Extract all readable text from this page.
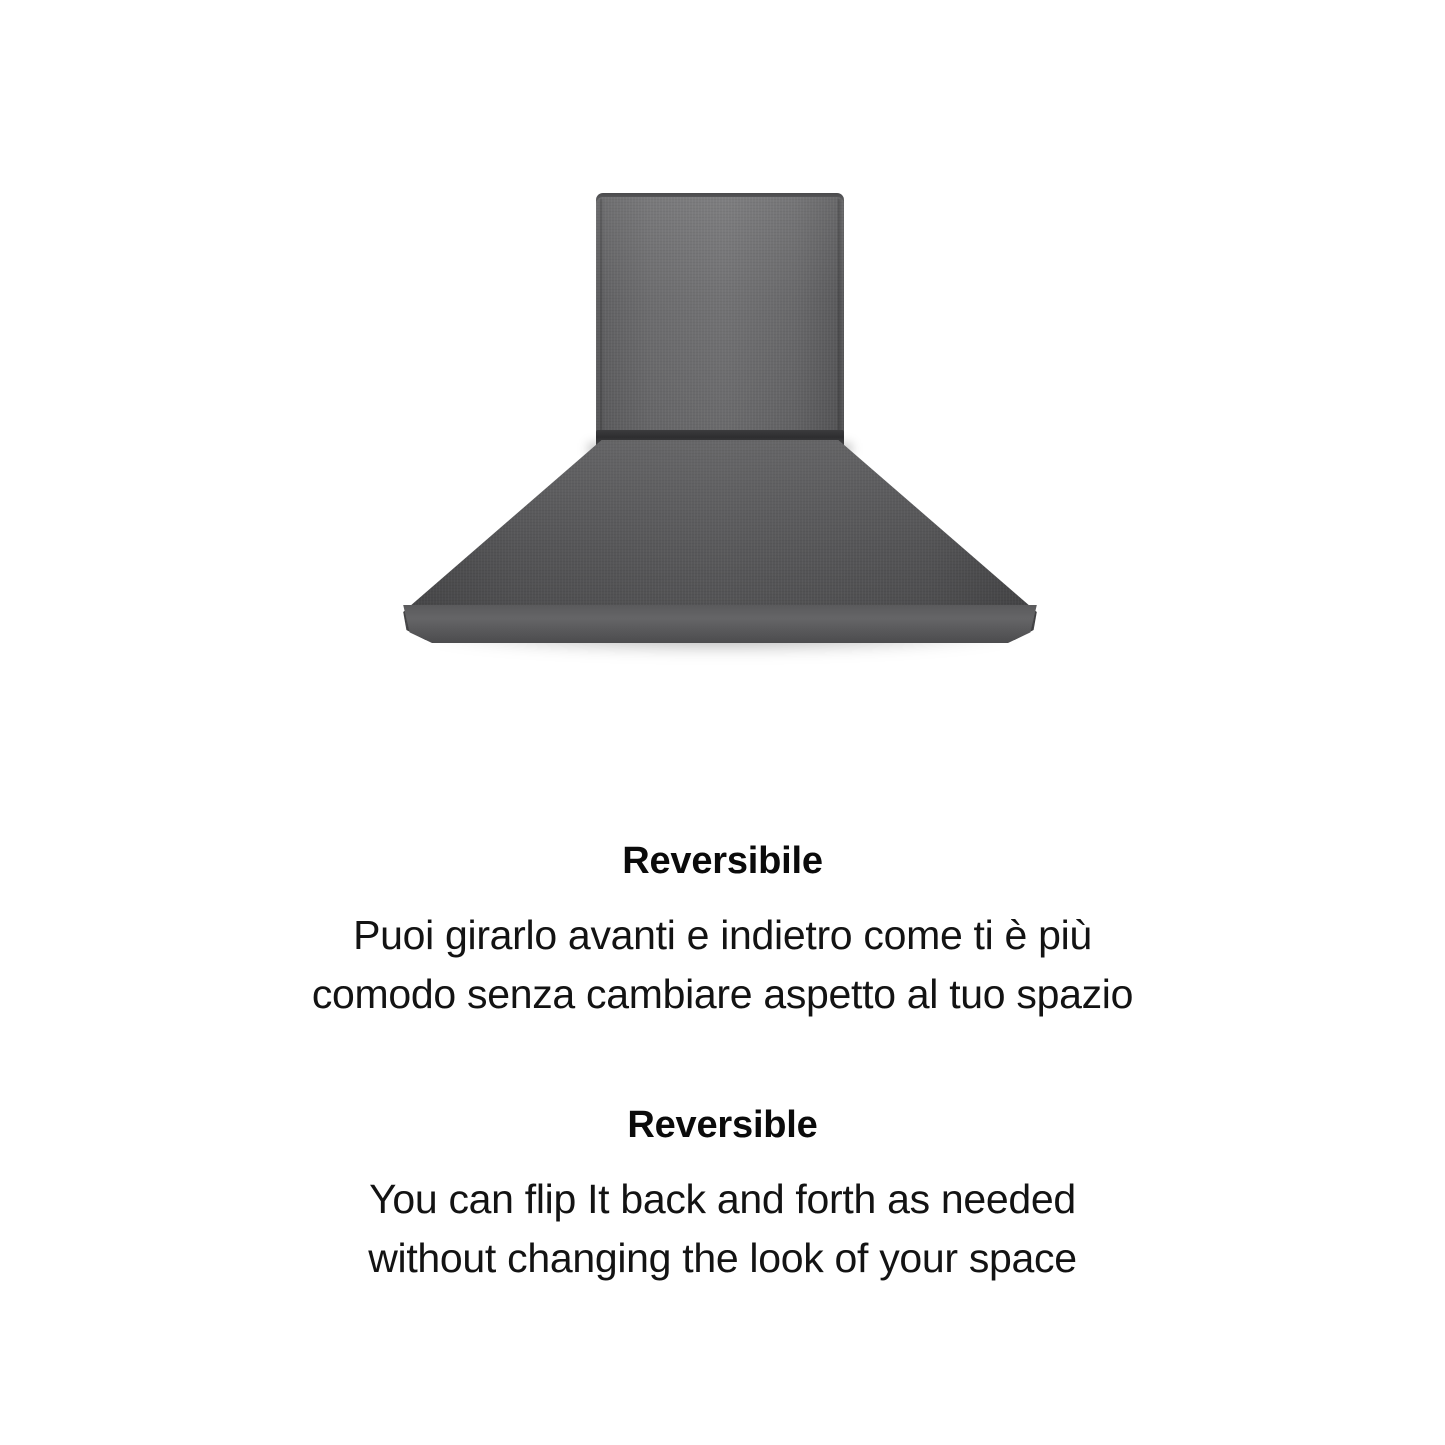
Reversibile

Puoi girarlo avanti e indietro come ti è più
comodo senza cambiare aspetto al tuo spazio

Reversible

You can flip It back and forth as needed
without changing the look of your space
